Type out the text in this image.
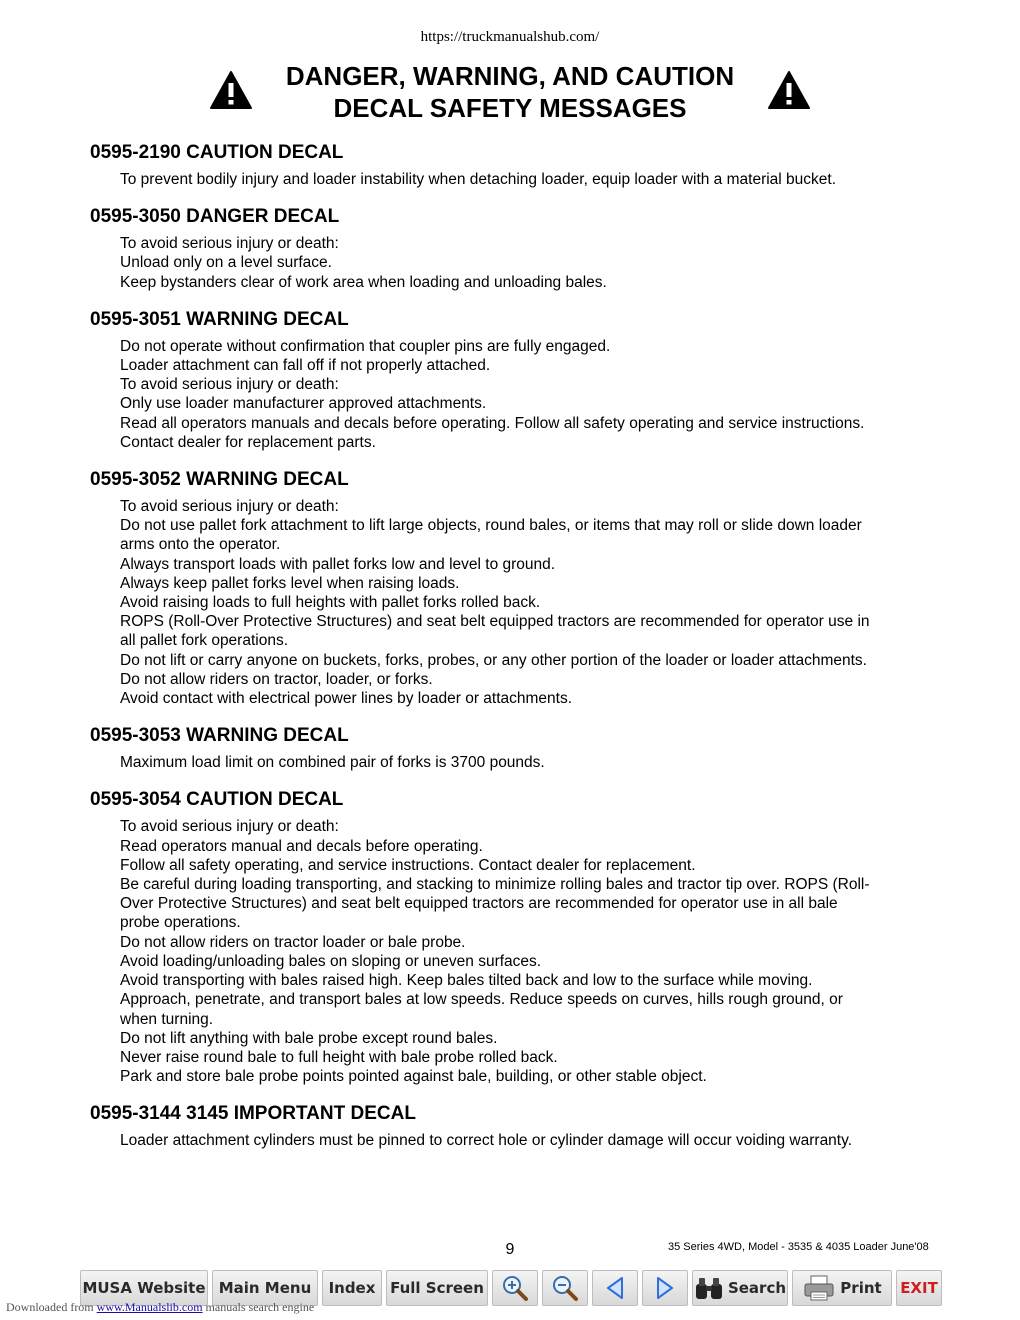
https://truckmanualshub.com/
DANGER, WARNING, AND CAUTION
DECAL SAFETY MESSAGES
0595-2190 CAUTION DECAL
To prevent bodily injury and loader instability when detaching loader, equip loader with a material bucket.
0595-3050 DANGER DECAL
To avoid serious injury or death:
Unload only on a level surface.
Keep bystanders clear of work area when loading and unloading bales.
0595-3051 WARNING DECAL
Do not operate without confirmation that coupler pins are fully engaged.
Loader attachment can fall off if not properly attached.
To avoid serious injury or death:
Only use loader manufacturer approved attachments.
Read all operators manuals and decals before operating. Follow all safety operating and service instructions.
Contact dealer for replacement parts.
0595-3052 WARNING DECAL
To avoid serious injury or death:
Do not use pallet fork attachment to lift large objects, round bales, or items that may roll or slide down loader
arms onto the operator.
Always transport loads with pallet forks low and level to ground.
Always keep pallet forks level when raising loads.
Avoid raising loads to full heights with pallet forks rolled back.
ROPS (Roll-Over Protective Structures) and seat belt equipped tractors are recommended for operator use in
all pallet fork operations.
Do not lift or carry anyone on buckets, forks, probes, or any other portion of the loader or loader attachments.
Do not allow riders on tractor, loader, or forks.
Avoid contact with electrical power lines by loader or attachments.
0595-3053 WARNING DECAL
Maximum load limit on combined pair of forks is 3700 pounds.
0595-3054 CAUTION DECAL
To avoid serious injury or death:
Read operators manual and decals before operating.
Follow all safety operating, and service instructions. Contact dealer for replacement.
Be careful during loading transporting, and stacking to minimize rolling bales and tractor tip over. ROPS (Roll-
Over Protective Structures) and seat belt equipped tractors are recommended for operator use in all bale
probe operations.
Do not allow riders on tractor loader or bale probe.
Avoid loading/unloading bales on sloping or uneven surfaces.
Avoid transporting with bales raised high. Keep bales tilted back and low to the surface while moving.
Approach, penetrate, and transport bales at low speeds. Reduce speeds on curves, hills rough ground, or
when turning.
Do not lift anything with bale probe except round bales.
Never raise round bale to full height with bale probe rolled back.
Park and store bale probe points pointed against bale, building, or other stable object.
0595-3144 3145 IMPORTANT DECAL
Loader attachment cylinders must be pinned to correct hole or cylinder damage will occur voiding warranty.
9	35 Series 4WD, Model - 3535 & 4035 Loader June'08
MUSA Website Main Menu Index Full Screen	Search	Print EXIT
Downloaded from www.Manualslib.com manuals search engine
